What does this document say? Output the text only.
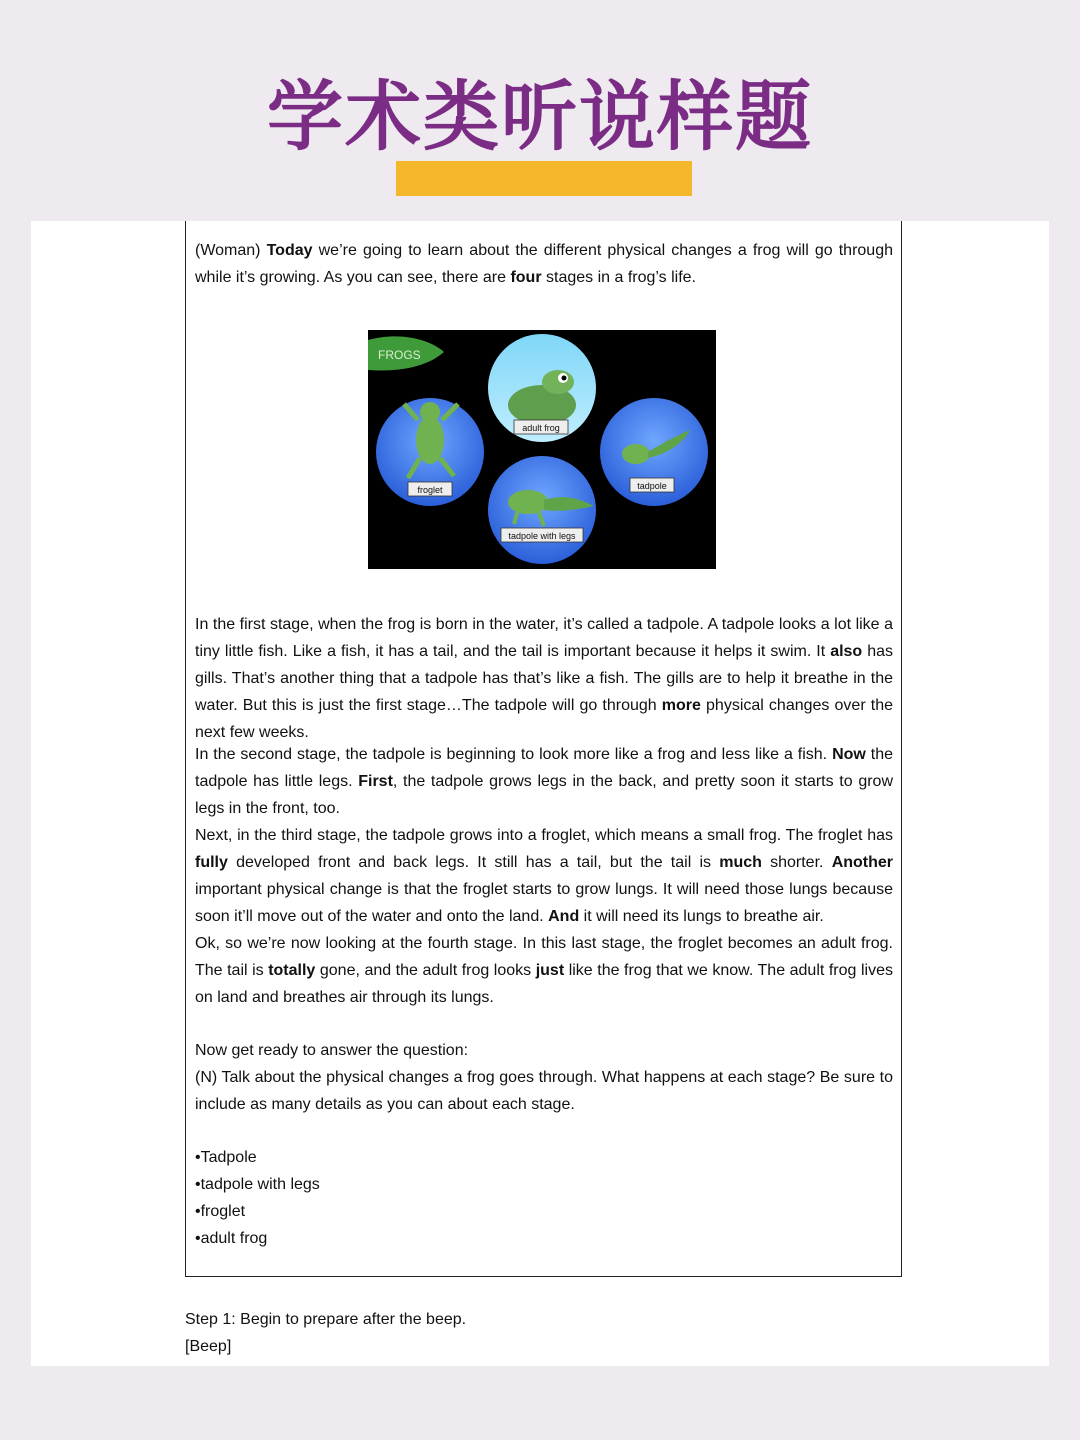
学术类听说样题
(Woman) Today we’re going to learn about the different physical changes a frog will go through while it’s growing. As you can see, there are four stages in a frog’s life.
FROGS
adult frog
froglet	tadpole
tadpole with legs
In the first stage, when the frog is born in the water, it’s called a tadpole. A tadpole looks a lot like a tiny little fish. Like a fish, it has a tail, and the tail is important because it helps it swim. It also has gills. That’s another thing that a tadpole has that’s like a fish. The gills are to help it breathe in the water. But this is just the first stage…The tadpole will go through more physical changes over the next few weeks.
In the second stage, the tadpole is beginning to look more like a frog and less like a fish. Now the tadpole has little legs. First, the tadpole grows legs in the back, and pretty soon it starts to grow legs in the front, too.
Next, in the third stage, the tadpole grows into a froglet, which means a small frog. The froglet has fully developed front and back legs. It still has a tail, but the tail is much shorter. Another important physical change is that the froglet starts to grow lungs. It will need those lungs because soon it’ll move out of the water and onto the land. And it will need its lungs to breathe air.
Ok, so we’re now looking at the fourth stage. In this last stage, the froglet becomes an adult frog. The tail is totally gone, and the adult frog looks just like the frog that we know. The adult frog lives on land and breathes air through its lungs.
Now get ready to answer the question:
(N) Talk about the physical changes a frog goes through. What happens at each stage? Be sure to include as many details as you can about each stage.
• Tadpole
• tadpole with legs
• froglet
• adult frog
Step 1: Begin to prepare after the beep.
[Beep]
